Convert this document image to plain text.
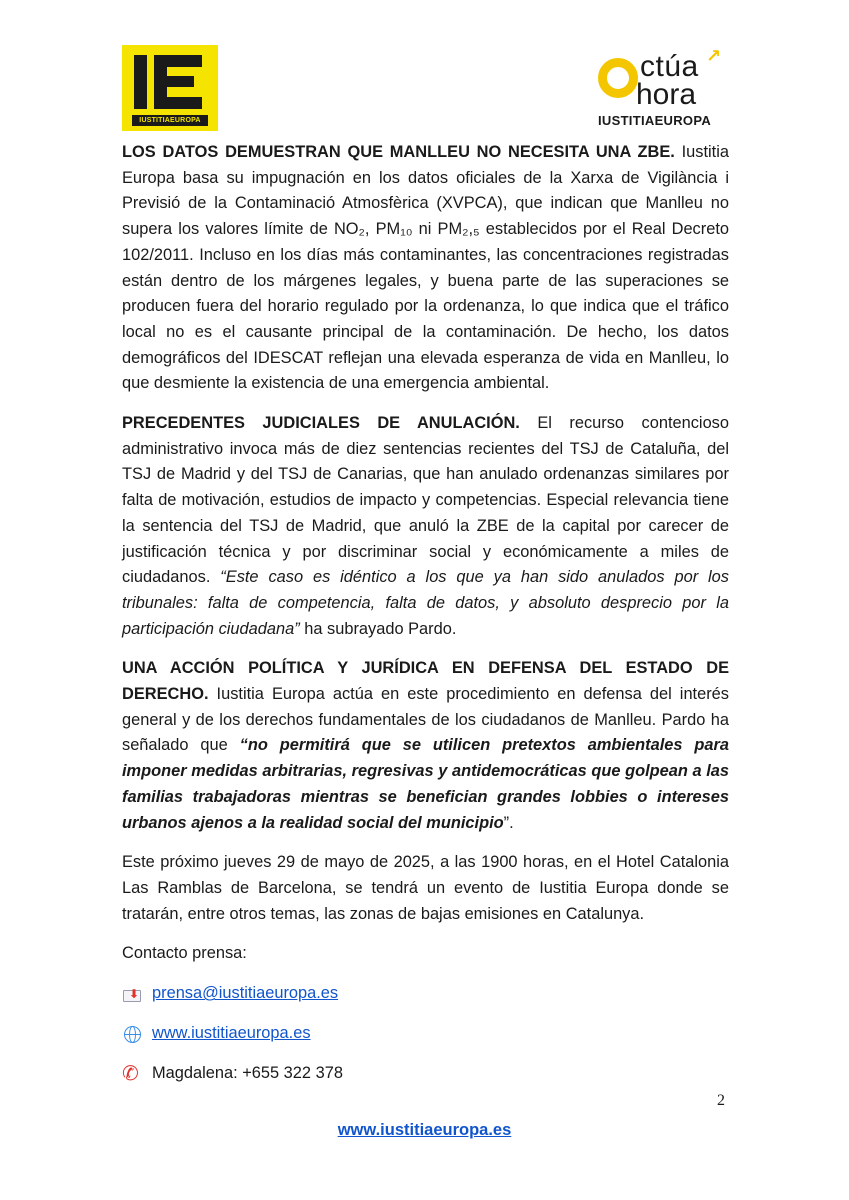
IUSTITIAEUROPA
ctúa ↗
hora
IUSTITIAEUROPA

LOS DATOS DEMUESTRAN QUE MANLLEU NO NECESITA UNA ZBE. Iustitia Europa basa su impugnación en los datos oficiales de la Xarxa de Vigilància i Previsió de la Contaminació Atmosfèrica (XVPCA), que indican que Manlleu no supera los valores límite de NO₂, PM₁₀ ni PM₂,₅ establecidos por el Real Decreto 102/2011. Incluso en los días más contaminantes, las concentraciones registradas están dentro de los márgenes legales, y buena parte de las superaciones se producen fuera del horario regulado por la ordenanza, lo que indica que el tráfico local no es el causante principal de la contaminación. De hecho, los datos demográficos del IDESCAT reflejan una elevada esperanza de vida en Manlleu, lo que desmiente la existencia de una emergencia ambiental.

PRECEDENTES JUDICIALES DE ANULACIÓN. El recurso contencioso administrativo invoca más de diez sentencias recientes del TSJ de Cataluña, del TSJ de Madrid y del TSJ de Canarias, que han anulado ordenanzas similares por falta de motivación, estudios de impacto y competencias. Especial relevancia tiene la sentencia del TSJ de Madrid, que anuló la ZBE de la capital por carecer de justificación técnica y por discriminar social y económicamente a miles de ciudadanos. “Este caso es idéntico a los que ya han sido anulados por los tribunales: falta de competencia, falta de datos, y absoluto desprecio por la participación ciudadana” ha subrayado Pardo.

UNA ACCIÓN POLÍTICA Y JURÍDICA EN DEFENSA DEL ESTADO DE DERECHO. Iustitia Europa actúa en este procedimiento en defensa del interés general y de los derechos fundamentales de los ciudadanos de Manlleu. Pardo ha señalado que “no permitirá que se utilicen pretextos ambientales para imponer medidas arbitrarias, regresivas y antidemocráticas que golpean a las familias trabajadoras mientras se benefician grandes lobbies o intereses urbanos ajenos a la realidad social del municipio”.

Este próximo jueves 29 de mayo de 2025, a las 1900 horas, en el Hotel Catalonia Las Ramblas de Barcelona, se tendrá un evento de Iustitia Europa donde se tratarán, entre otros temas, las zonas de bajas emisiones en Catalunya.

Contacto prensa:

⬇ prensa@iustitiaeuropa.es
www.iustitiaeuropa.es
✆ Magdalena: +655 322 378
2
www.iustitiaeuropa.es
